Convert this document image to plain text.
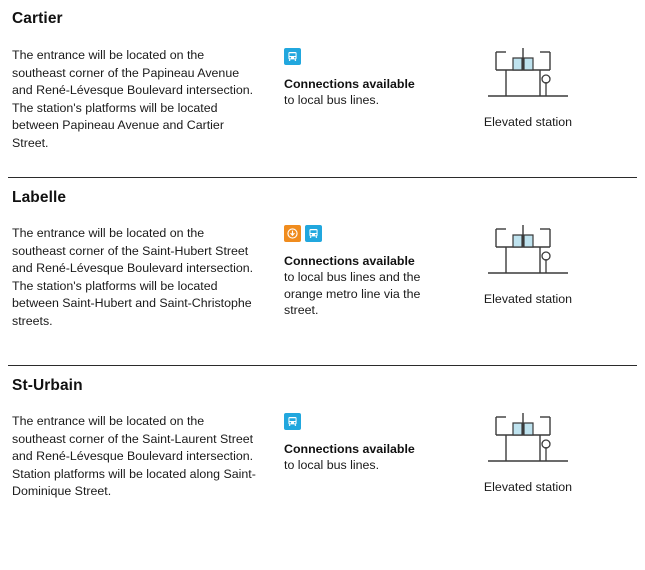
Cartier
The entrance will be located on the southeast corner of the Papineau Avenue and René-Lévesque Boulevard intersection. The station's platforms will be located between Papineau Avenue and Cartier Street.
Connections available
to local bus lines.
Elevated station
Labelle
The entrance will be located on the southeast corner of the Saint-Hubert Street and René-Lévesque Boulevard intersection. The station's platforms will be located between Saint-Hubert and Saint-Christophe streets.
Connections available
to local bus lines and the orange metro line via the street.
Elevated station
St-Urbain
The entrance will be located on the southeast corner of the Saint-Laurent Street and René-Lévesque Boulevard intersection. Station platforms will be located along Saint-Dominique Street.
Connections available
to local bus lines.
Elevated station
